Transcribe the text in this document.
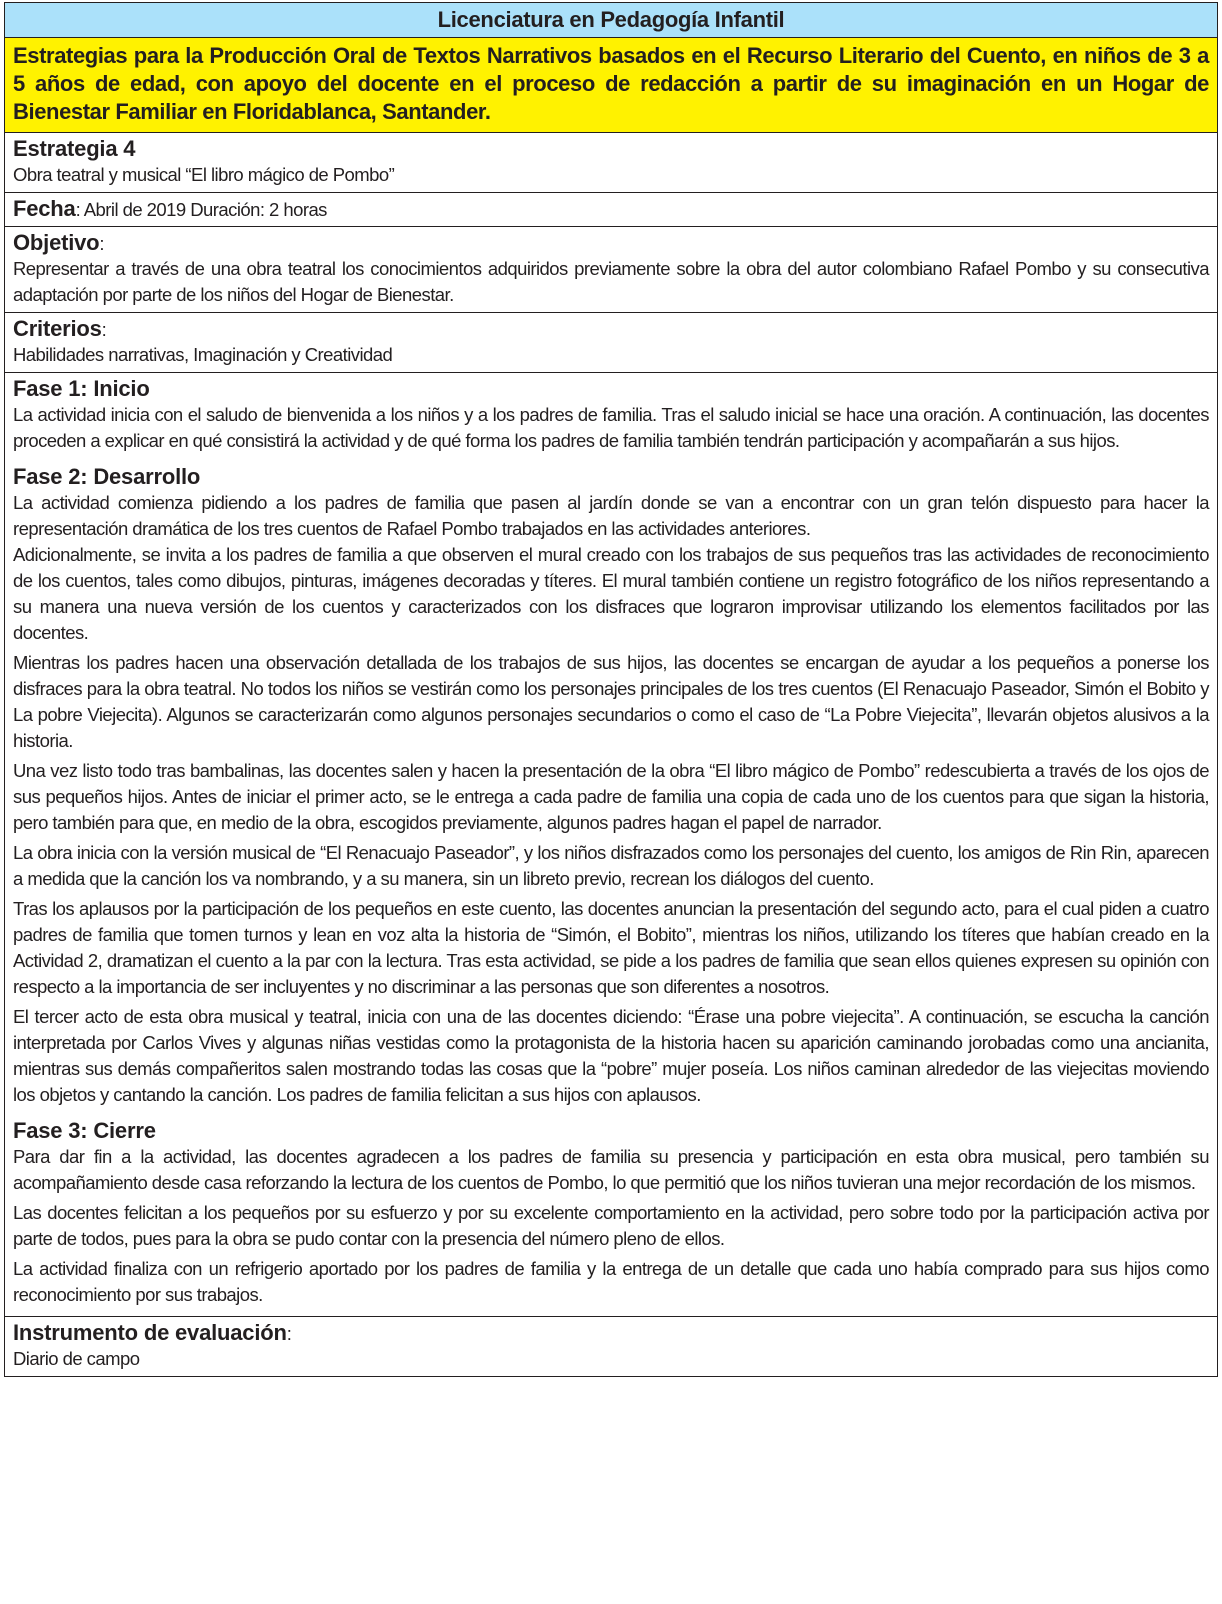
Licenciatura en Pedagogía Infantil
Estrategias para la Producción Oral de Textos Narrativos basados en el Recurso Literario del Cuento, en niños de 3 a 5 años de edad, con apoyo del docente en el proceso de redacción a partir de su imaginación en un Hogar de Bienestar Familiar en Floridablanca, Santander.
Estrategia 4

Obra teatral y musical “El libro mágico de Pombo”

Fecha: Abril de 2019 Duración: 2 horas
Objetivo:

Representar a través de una obra teatral los conocimientos adquiridos previamente sobre la obra del autor colombiano Rafael Pombo y su consecutiva adaptación por parte de los niños del Hogar de Bienestar.

Criterios:

Habilidades narrativas, Imaginación y Creatividad

Fase 1: Inicio

La actividad inicia con el saludo de bienvenida a los niños y a los padres de familia. Tras el saludo inicial se hace una oración. A continuación, las docentes proceden a explicar en qué consistirá la actividad y de qué forma los padres de familia también tendrán participación y acompañarán a sus hijos.

Fase 2: Desarrollo

La actividad comienza pidiendo a los padres de familia que pasen al jardín donde se van a encontrar con un gran telón dispuesto para hacer la representación dramática de los tres cuentos de Rafael Pombo trabajados en las actividades anteriores.

Adicionalmente, se invita a los padres de familia a que observen el mural creado con los trabajos de sus pequeños tras las actividades de reconocimiento de los cuentos, tales como dibujos, pinturas, imágenes decoradas y títeres. El mural también contiene un registro fotográfico de los niños representando a su manera una nueva versión de los cuentos y caracterizados con los disfraces que lograron improvisar utilizando los elementos facilitados por las docentes.

Mientras los padres hacen una observación detallada de los trabajos de sus hijos, las docentes se encargan de ayudar a los pequeños a ponerse los disfraces para la obra teatral. No todos los niños se vestirán como los personajes principales de los tres cuentos (El Renacuajo Paseador, Simón el Bobito y La pobre Viejecita). Algunos se caracterizarán como algunos personajes secundarios o como el caso de “La Pobre Viejecita”, llevarán objetos alusivos a la historia.

Una vez listo todo tras bambalinas, las docentes salen y hacen la presentación de la obra “El libro mágico de Pombo” redescubierta a través de los ojos de sus pequeños hijos. Antes de iniciar el primer acto, se le entrega a cada padre de familia una copia de cada uno de los cuentos para que sigan la historia, pero también para que, en medio de la obra, escogidos previamente, algunos padres hagan el papel de narrador.

La obra inicia con la versión musical de “El Renacuajo Paseador”, y los niños disfrazados como los personajes del cuento, los amigos de Rin Rin, aparecen a medida que la canción los va nombrando, y a su manera, sin un libreto previo, recrean los diálogos del cuento.

Tras los aplausos por la participación de los pequeños en este cuento, las docentes anuncian la presentación del segundo acto, para el cual piden a cuatro padres de familia que tomen turnos y lean en voz alta la historia de “Simón, el Bobito”, mientras los niños, utilizando los títeres que habían creado en la Actividad 2, dramatizan el cuento a la par con la lectura. Tras esta actividad, se pide a los padres de familia que sean ellos quienes expresen su opinión con respecto a la importancia de ser incluyentes y no discriminar a las personas que son diferentes a nosotros.

El tercer acto de esta obra musical y teatral, inicia con una de las docentes diciendo: “Érase una pobre viejecita”. A continuación, se escucha la canción interpretada por Carlos Vives y algunas niñas vestidas como la protagonista de la historia hacen su aparición caminando jorobadas como una ancianita, mientras sus demás compañeritos salen mostrando todas las cosas que la “pobre” mujer poseía. Los niños caminan alrededor de las viejecitas moviendo los objetos y cantando la canción. Los padres de familia felicitan a sus hijos con aplausos.

Fase 3: Cierre

Para dar fin a la actividad, las docentes agradecen a los padres de familia su presencia y participación en esta obra musical, pero también su acompañamiento desde casa reforzando la lectura de los cuentos de Pombo, lo que permitió que los niños tuvieran una mejor recordación de los mismos.

Las docentes felicitan a los pequeños por su esfuerzo y por su excelente comportamiento en la actividad, pero sobre todo por la participación activa por parte de todos, pues para la obra se pudo contar con la presencia del número pleno de ellos.

La actividad finaliza con un refrigerio aportado por los padres de familia y la entrega de un detalle que cada uno había comprado para sus hijos como reconocimiento por sus trabajos.

Instrumento de evaluación:

Diario de campo
